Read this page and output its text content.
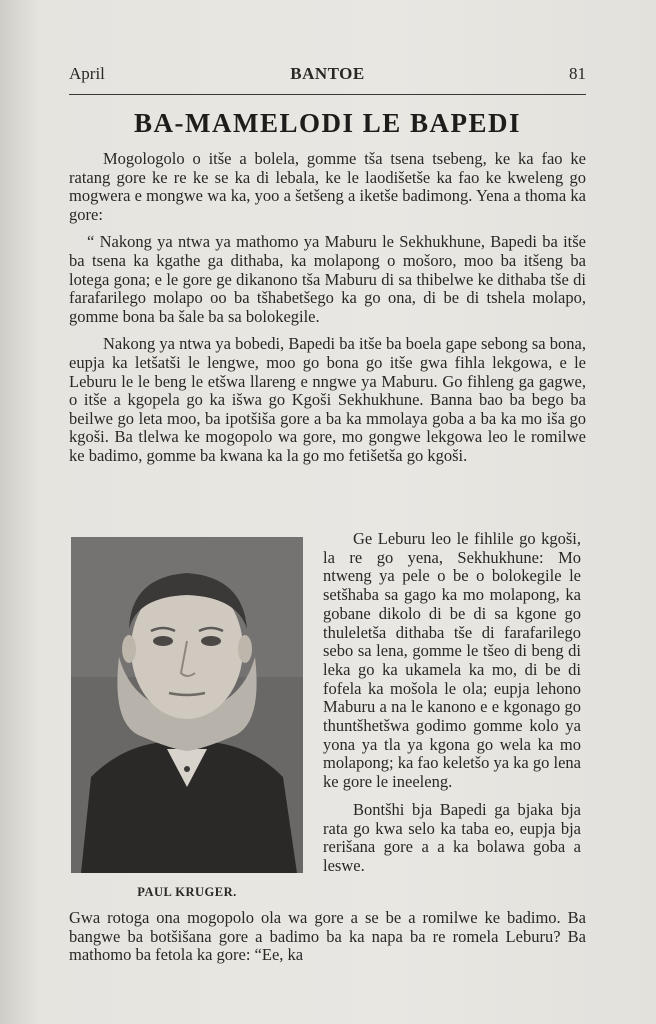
April	BANTOE	81
BA-MAMELODI LE BAPEDI

Mogologolo o itše a bolela, gomme tša tsena tsebeng, ke ka fao ke ratang gore ke re ke se ka di lebala, ke le laodišetše ka fao ke kweleng go mogwera e mongwe wa ka, yoo a šetšeng a iketše badimong. Yena a thoma ka gore:

“ Nakong ya ntwa ya mathomo ya Maburu le Sekhukhune, Bapedi ba itše ba tsena ka kgathe ga dithaba, ka molapong o mošoro, moo ba itšeng ba lotega gona; e le gore ge dikanono tša Maburu di sa thibelwe ke dithaba tše di farafarilego molapo oo ba tšhabetšego ka go ona, di be di tshela molapo, gomme bona ba šale ba sa bolokegile.

Nakong ya ntwa ya bobedi, Bapedi ba itše ba boela gape sebong sa bona, eupja ka letšatši le lengwe, moo go bona go itše gwa fihla lekgowa, e le Leburu le le beng le etšwa llareng e nngwe ya Maburu. Go fihleng ga gagwe, o itše a kgopela go ka išwa go Kgoši Sekhukhune. Banna bao ba bego ba beilwe go leta moo, ba ipotšiša gore a ba ka mmolaya goba a ba ka mo iša go kgoši. Ba tlelwa ke mogopolo wa gore, mo gongwe lekgowa leo le romilwe ke badimo, gomme ba kwana ka la go mo fetišetša go kgoši.

PAUL KRUGER.

Ge Leburu leo le fihlile go kgoši, la re go yena, Sekhukhune: Mo ntweng ya pele o be o bolokegile le setšhaba sa gago ka mo molapong, ka gobane dikolo di be di sa kgone go thuleletša dithaba tše di farafarilego sebo sa lena, gomme le tšeo di beng di leka go ka ukamela ka mo, di be di fofela ka mošola le ola; eupja lehono Maburu a na le kanono e e kgonago go thuntšhetšwa godimo gomme kolo ya yona ya tla ya kgona go wela ka mo molapong; ka fao keletšo ya ka go lena ke gore le ineeleng.

Bontšhi bja Bapedi ga bjaka bja rata go kwa selo ka taba eo, eupja bja rerišana gore a a ka bolawa goba a leswe.

Gwa rotoga ona mogopolo ola wa gore a se be a romilwe ke badimo. Ba bangwe ba botšišana gore a badimo ba ka napa ba re romela Leburu? Ba mathomo ba fetola ka gore: “Ee, ka
